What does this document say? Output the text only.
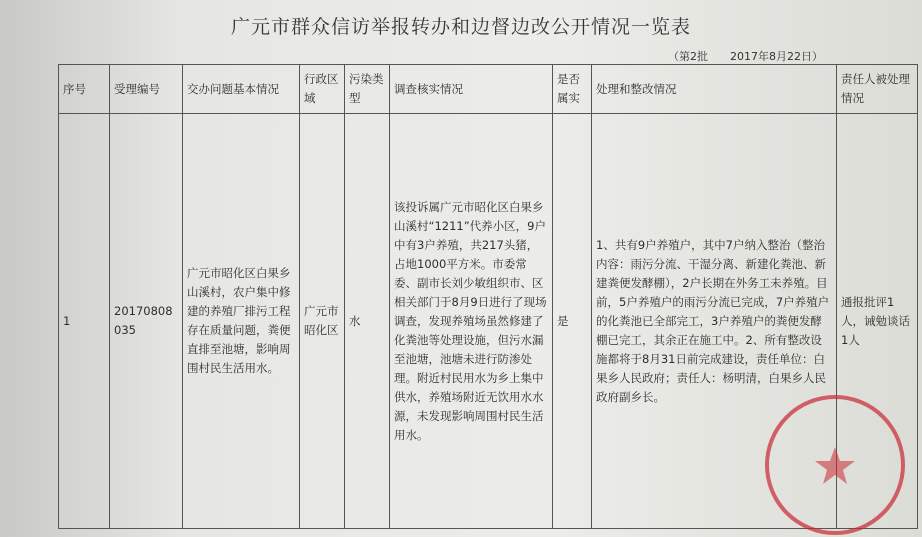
广元市群众信访举报转办和边督边改公开情况一览表
（第2批　　2017年8月22日）
序号	受理编号	交办问题基本情况	行政区域	污染类型	调查核实情况	是否属实	处理和整改情况	责任人被处理情况
1	20170808035	广元市昭化区白果乡山溪村，农户集中修建的养殖厂排污工程存在质量问题，粪便直排至池塘，影响周围村民生活用水。	广元市昭化区	水	该投诉属广元市昭化区白果乡山溪村“1211”代养小区，9户中有3户养殖，共217头猪，占地1000平方米。市委常委、副市长刘少敏组织市、区相关部门于8月9日进行了现场调查，发现养殖场虽然修建了化粪池等处理设施，但污水漏至池塘，池塘未进行防渗处理。附近村民用水为乡上集中供水，养殖场附近无饮用水水源，未发现影响周围村民生活用水。	是	1、共有9户养殖户，其中7户纳入整治（整治内容：雨污分流、干湿分离、新建化粪池、新建粪便发酵棚），2户长期在外务工未养殖。目前，5户养殖户的雨污分流已完成，7户养殖户的化粪池已全部完工，3户养殖户的粪便发酵棚已完工，其余正在施工中。2、所有整改设施都将于8月31日前完成建设，责任单位：白果乡人民政府；责任人：杨明清，白果乡人民政府副乡长。	通报批评1人，诫勉谈话1人
